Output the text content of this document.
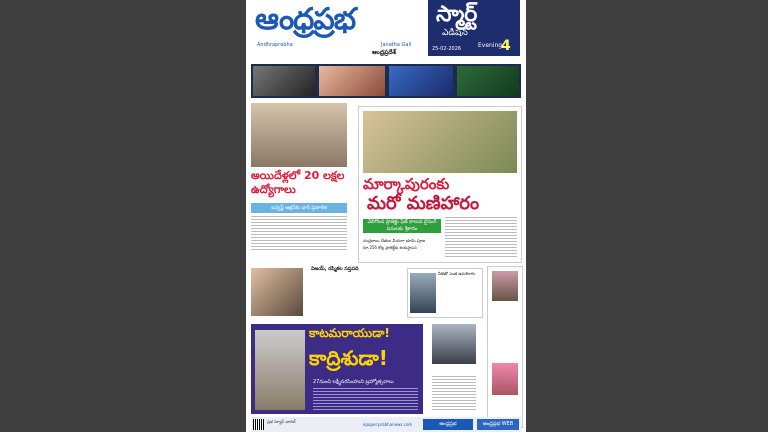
ఆంధ్రప్రభ
Andhraprabha	Janatha Gali
ఆంధ్రప్రదేశ్
స్మార్ట్
ఎడిషన్
25-02-2026	Evening
4
అయిదేళ్లలో 20 లక్షల ఉద్యోగాలు
ఇన్వెస్ట్ ఆక్షన్‌కు భారీ ప్రణాళిక
మార్కాపురంకు
మరో మణిహారం
వెలిగొండ ప్రాజెక్టు ఫేజ్ కాలువ లైనింగ్ పనులకు శ్రీకారం
చంద్రబాబు చేతుల మీదుగా భూమి పూజ
రూ.256 కోట్ల ప్రాజెక్ట్‌కు శంకుస్థాపన
విజయ్, రష్మికల సప్తపది
వీటితో ఎంత ఉపయోగం
కాటమరాయుడా!
కాద్రిశుడా!
27నుంచి లక్ష్మీనరసింహుని బ్రహ్మోత్సవాలు
ప్రభ న్యూస్ ఛానల్
epaper.prabhanews.com	ఆంధ్రప్రభ	ఆంధ్రప్రభ WEB
